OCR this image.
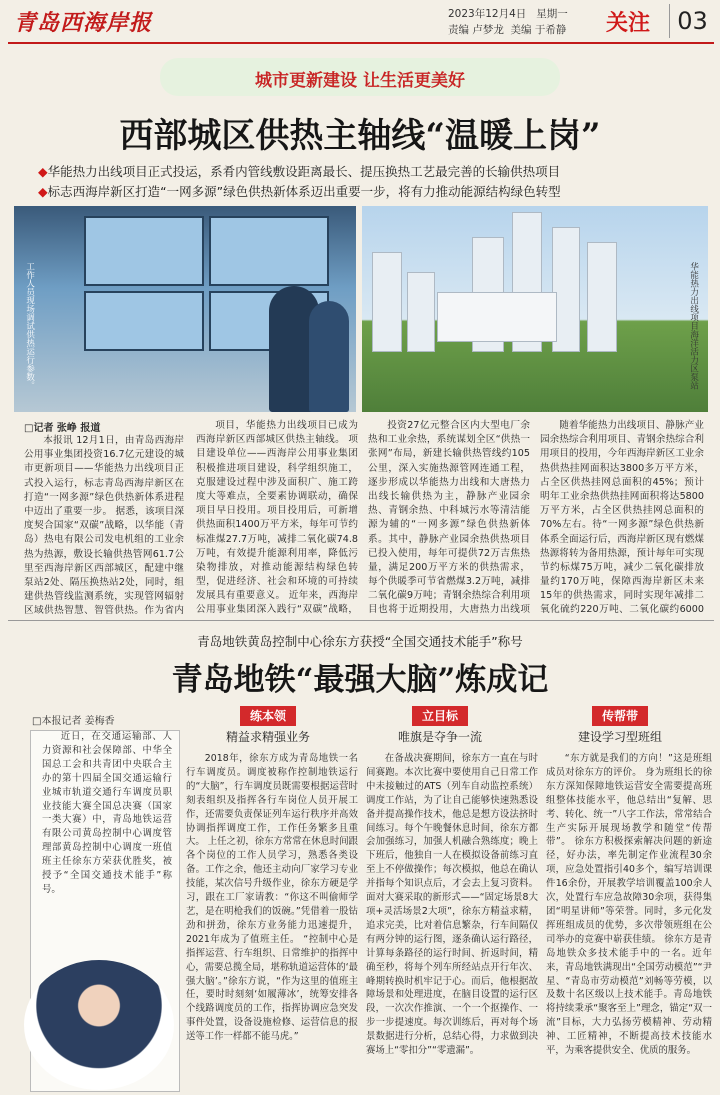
青岛西海岸报	2023年12月4日 星期一
责编 卢梦龙 美编 于希静 关注	03
城市更新建设 让生活更美好
西部城区供热主轴线“温暖上岗”
◆华能热力出线项目正式投运，系肴内管线敷设距离最长、提压换热工艺最完善的长输供热项目
◆标志西海岸新区打造“一网多源”绿色供热新体系迈出重要一步，将有力推动能源结构绿色转型
工作人员现场调试供热运行参数。	华能热力出线项目海洋活力区泵站
□记者 张峥 报道

本报讯 12月1日，由青岛西海岸公用事业集团投资16.7亿元建设的城市更新项目——华能热力出线项目正式投入运行，标志青岛西海岸新区在打造“一网多源”绿色供热新体系进程中迈出了重要一步。 据悉，该项目深度契合国家“双碳”战略，以华能（青岛）热电有限公司发电机组的工业余热为热源，敷设长输供热管网61.7公里至西海岸新区西部城区，配建中继泵站2处、隔压换热站2处，同时，组建供热管线监测系统，实现管网辐射区域供热智慧、智管供热。作为省内

项目，华能热力出线项目已成为西海岸新区西部城区供热主轴线。 项目建设单位——西海岸公用事业集团积极推进项目建设，科学组织施工，克服建设过程中涉及面积广、施工跨度大等难点，全要素协调联动，确保项目早日投用。项目投用后，可新增供热面积1400万平方米，每年可节约标准煤27.7万吨，减排二氧化碳74.8万吨，有效提升能源利用率，降低污染物排放，对推动能源结构绿色转型，促进经济、社会和环境的可持续发展具有重要意义。 近年来，西海岸公用事业集团深入践行“双碳”战略，

投资27亿元整合区内大型电厂余热和工业余热，系统谋划全区“供热一张网”布局，新建长输供热管线约105公里，深入实施热源管网连通工程，逐步形成以华能热力出线和大唐热力出线长输供热为主，静脉产业园余热、青钢余热、中科城污水等清洁能源为辅的“一网多源”绿色供热新体系。其中，静脉产业园余热供热项目已投入使用，每年可提供72万吉焦热量，满足200万平方米的供热需求，每个供暖季可节省燃煤3.2万吨，减排二氧化碳9万吨；青钢余热综合利用项目也将于近期投用，大唐热力出线项

随着华能热力出线项目、静脉产业园余热综合利用项目、青钢余热综合利用项目的投用，今年西海岸新区工业余热供热挂网面积达3800多万平方米，占全区供热挂网总面积的45%；预计明年工业余热供热挂网面积将达5800万平方米，占全区供热挂网总面积的70%左右。待“一网多源”绿色供热新体系全面运行后，西海岸新区现有燃煤热源将转为备用热源，预计每年可实现节约标煤75万吨，减少二氧化碳排放量约170万吨，保障西海岸新区未来15年的供热需求，同时实现年减排二氧化硫约220万吨、二氧化碳约6000

青岛地铁黄岛控制中心徐东方获授“全国交通技术能手”称号
青岛地铁“最强大脑”炼成记
□本报记者 姜梅香

近日，在交通运输部、人力资源和社会保障部、中华全国总工会和共青团中央联合主办的第十四届全国交通运输行业城市轨道交通行车调度员职业技能大赛全国总决赛（国家一类大赛）中，青岛地铁运营有限公司黄岛控制中心调度管理部黄岛控制中心调度一班值班主任徐东方荣获优胜奖，被授予“全国交通技术能手”称号。

练本领
精益求精强业务
立目标
唯旗是夺争一流
传帮带
建设学习型班组

2018年，徐东方成为青岛地铁一名行车调度员。调度被称作控制地铁运行的“大脑”，行车调度员既需要根据运营时刻表组织及指挥各行车岗位人员开展工作，还需要负责保证列车运行秩序并高效协调指挥调度工作，工作任务繁多且重大。 上任之初，徐东方常常在休息时间跟各个岗位的工作人员学习，熟悉各类设备。工作之余，他还主动向厂家学习专业技能，某次信号升级作业，徐东方硬是学习，跟在工厂家请教：“你这不叫偷师学艺，是在明枪我们的饭碗。”凭借着一股钻劲和拼劲，徐东方业务能力迅速提升，2021年成为了值班主任。 “控制中心是指挥运营、行车组织、日常维护的指挥中心，需要总揽全局，堪称轨道运营体的‘最强大脑’。”徐东方说，“作为这里的值班主任，要时时刻刻‘如履薄冰’，统筹安排各个线路调度员的工作，指挥协调应急突发事件处置，设备设施检修、运营信息的报送等工作一样都不能马虎。”

在备战决赛期间，徐东方一直在与时间赛跑。本次比赛中要使用自己日常工作中未接触过的ATS（列车自动监控系统）调度工作站，为了让自己能够快速熟悉设备并提高操作技术，他总是想方设法挤时间练习。每个午晚餐休息时间，徐东方都会加强练习，加强人机融合熟练度；晚上下班后，他独自一人在模拟设备前练习直至上不停做操作；每次模拟，他总在确认并指每个知识点后，才会去上复习资料。 面对大赛采取的新形式——“固定场景8大项+灵活场景2大项”，徐东方精益求精，追求完美，比对着信息繁杂，行车间隔仅有两分钟的运行图，逐条确认运行路径，计算每条路径的运行时间、折返时间，精确至秒，将每个列车所经站点开行年次、峰期转换时机牢记于心。而后，他根据故障场景和处理进度，在脑目设置的运行区段，一次次作推演、一个一个抠操作、一步一步提速度。每次训练后，再对每个场景数据进行分析，总结心得，力求做到决赛场上“零扣分”“零遗漏”。

“东方就是我们的方向！”这是班组成员对徐东方的评价。 身为班组长的徐东方深知保障地铁运营安全需要提高班组整体技能水平，他总结出“复解、思考、转化、统一”八字工作法，常常结合生产实际开展现场教学和随堂“传帮带”。 徐东方积极探索解决问题的新途径，好办法，率先制定作业流程30余项，应急处置指引40多个，编写培训课件16余份，开展教学培训覆盖100余人次，处置行车应急故障30余项，获得集团“明星讲师”等荣誉。同时，多元化发挥班组成员的优势，多次带领班组在公司举办的竞赛中崭获佳绩。 徐东方是青岛地铁众多技术能手中的一名。近年来，青岛地铁满现出“全国劳动模范”“尹星、“青岛市劳动模范”刘畅等劳模，以及数十名区级以上技术能手。青岛地铁将持续秉承“聚客至上”理念，锚定“双一流”目标，大力弘扬劳模精神、劳动精神、工匠精神，不断提高技术技能水平，为乘客提供安全、优质的服务。
